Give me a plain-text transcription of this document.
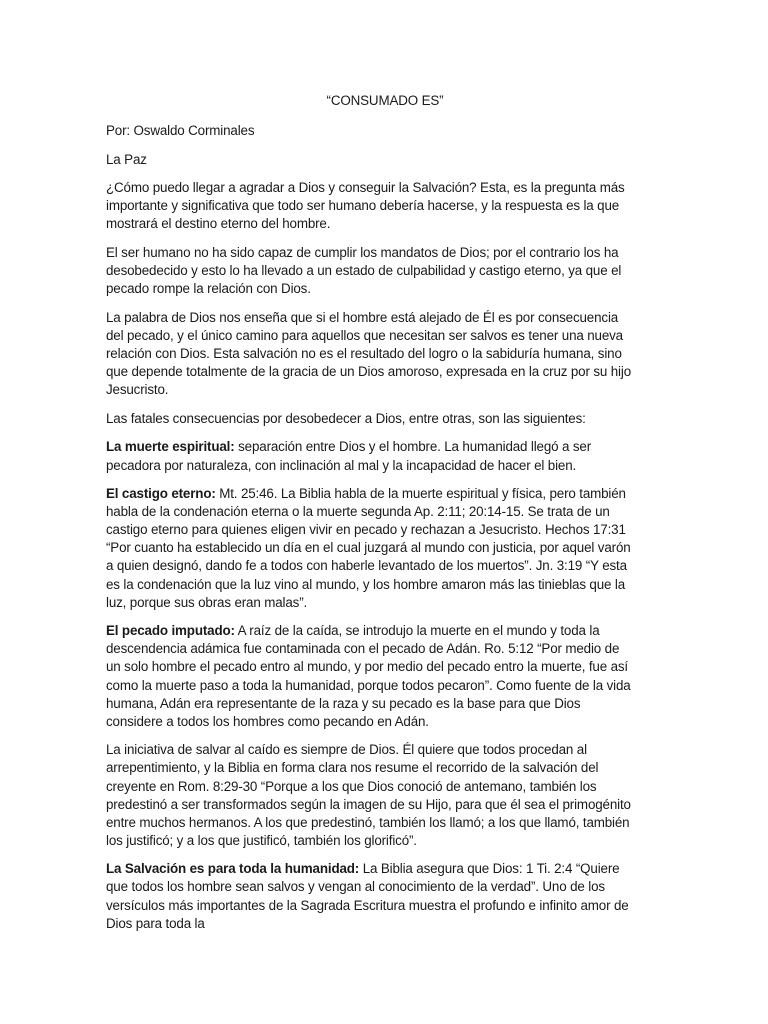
“CONSUMADO ES”

Por: Oswaldo Corminales

La Paz

¿Cómo puedo llegar a agradar a Dios y conseguir la Salvación? Esta, es la pregunta más importante y significativa que todo ser humano debería hacerse, y la respuesta es la que mostrará el destino eterno del hombre.

El ser humano no ha sido capaz de cumplir los mandatos de Dios; por el contrario los ha desobedecido y esto lo ha llevado a un estado de culpabilidad y castigo eterno, ya que el pecado rompe la relación con Dios.

La palabra de Dios nos enseña que si el hombre está alejado de Él es por consecuencia del pecado, y el único camino para aquellos que necesitan ser salvos es tener una nueva relación con Dios. Esta salvación no es el resultado del logro o la sabiduría humana, sino que depende totalmente de la gracia de un Dios amoroso, expresada en la cruz por su hijo Jesucristo.

Las fatales consecuencias por desobedecer a Dios, entre otras, son las siguientes:

La muerte espiritual: separación entre Dios y el hombre. La humanidad llegó a ser pecadora por naturaleza, con inclinación al mal y la incapacidad de hacer el bien.

El castigo eterno: Mt. 25:46. La Biblia habla de la muerte espiritual y física, pero también habla de la condenación eterna o la muerte segunda Ap. 2:11; 20:14-15. Se trata de un castigo eterno para quienes eligen vivir en pecado y rechazan a Jesucristo. Hechos 17:31 “Por cuanto ha establecido un día en el cual juzgará al mundo con justicia, por aquel varón a quien designó, dando fe a todos con haberle levantado de los muertos”. Jn. 3:19 “Y esta es la condenación que la luz vino al mundo, y los hombre amaron más las tinieblas que la luz, porque sus obras eran malas”.

El pecado imputado: A raíz de la caída, se introdujo la muerte en el mundo y toda la descendencia adámica fue contaminada con el pecado de Adán. Ro. 5:12 “Por medio de un solo hombre el pecado entro al mundo, y por medio del pecado entro la muerte, fue así como la muerte paso a toda la humanidad, porque todos pecaron”. Como fuente de la vida humana, Adán era representante de la raza y su pecado es la base para que Dios considere a todos los hombres como pecando en Adán.

La iniciativa de salvar al caído es siempre de Dios. Él quiere que todos procedan al arrepentimiento, y la Biblia en forma clara nos resume el recorrido de la salvación del creyente en Rom. 8:29-30 “Porque a los que Dios conoció de antemano, también los predestinó a ser transformados según la imagen de su Hijo, para que él sea el primogénito entre muchos hermanos. A los que predestinó, también los llamó; a los que llamó, también los justificó; y a los que justificó, también los glorificó”.

La Salvación es para toda la humanidad: La Biblia asegura que Dios: 1 Ti. 2:4 “Quiere que todos los hombre sean salvos y vengan al conocimiento de la verdad”. Uno de los versículos más importantes de la Sagrada Escritura muestra el profundo e infinito amor de Dios para toda la
